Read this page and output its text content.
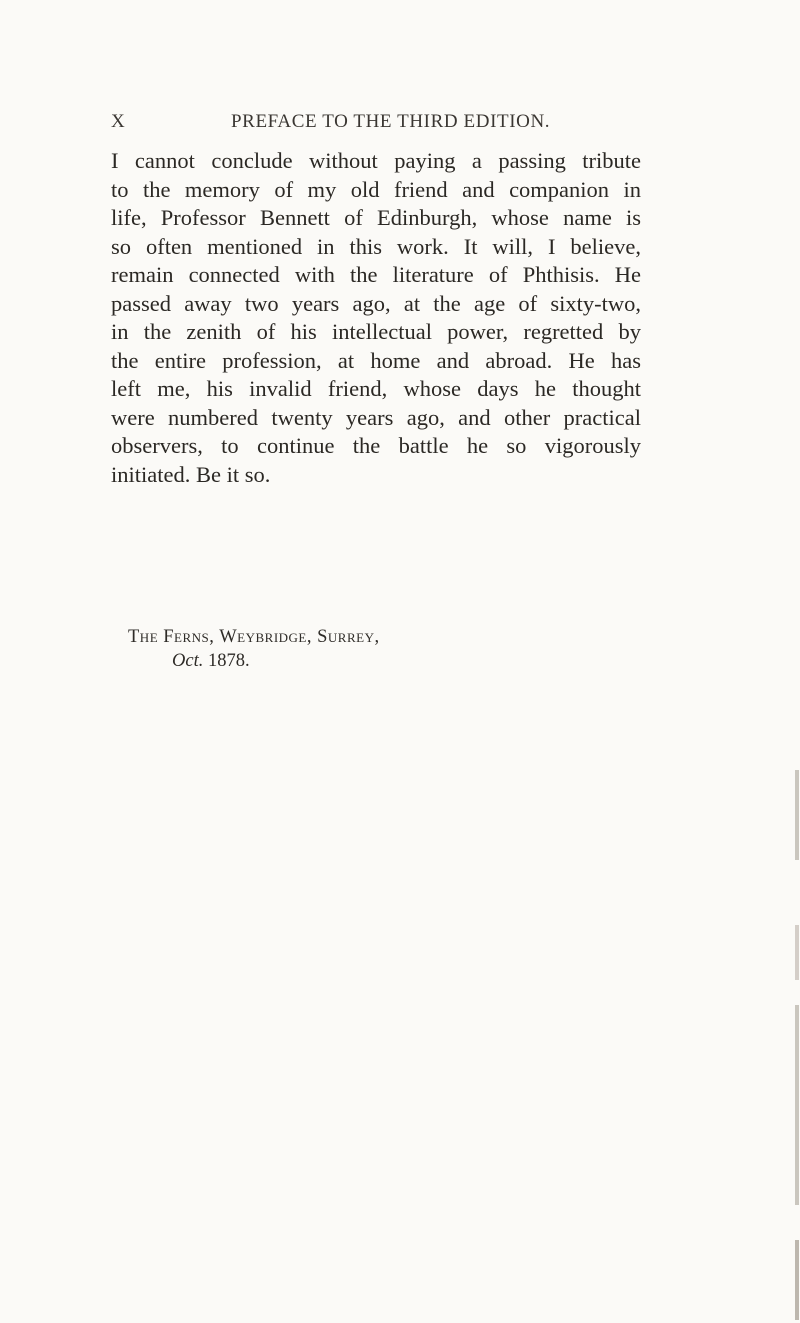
X	PREFACE TO THE THIRD EDITION.

I cannot conclude without paying a passing tribute
to the memory of my old friend and companion in
life, Professor Bennett of Edinburgh, whose name is
so often mentioned in this work. It will, I believe,
remain connected with the literature of Phthisis. He
passed away two years ago, at the age of sixty-two,
in the zenith of his intellectual power, regretted by
the entire profession, at home and abroad. He has
left me, his invalid friend, whose days he thought
were numbered twenty years ago, and other practical
observers, to continue the battle he so vigorously
initiated. Be it so.

The Ferns, Weybridge, Surrey,
Oct. 1878.
